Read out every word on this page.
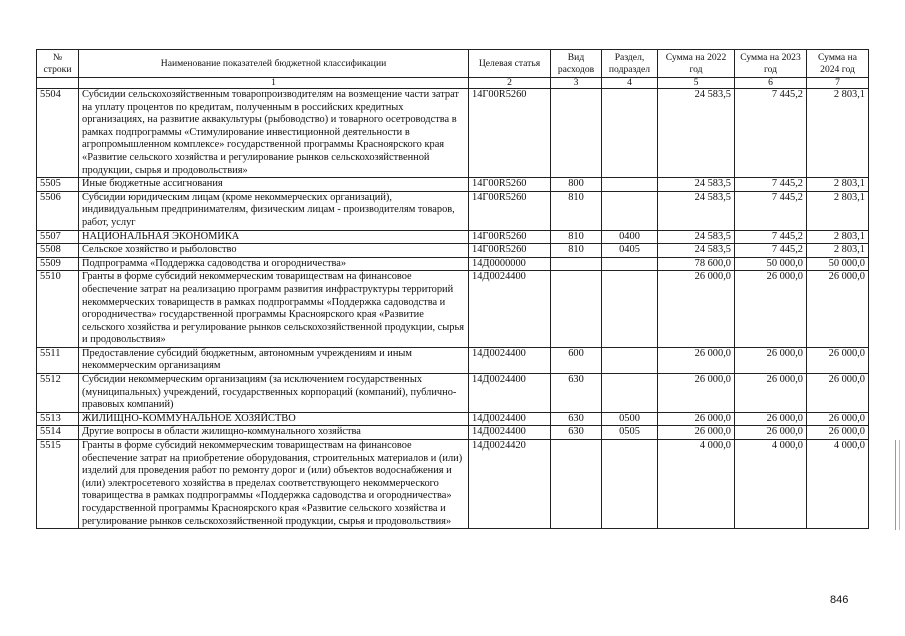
№ строки	Наименование показателей бюджетной классификации	Целевая статья	Вид расходов	Раздел, подраздел	Сумма на 2022 год	Сумма на 2023 год	Сумма на 2024 год
	1	2	3	4	5	6	7
5504	Субсидии сельскохозяйственным товаропроизводителям на возмещение части затрат на уплату процентов по кредитам, полученным в российских кредитных организациях, на развитие аквакультуры (рыбоводство) и товарного осетроводства в рамках подпрограммы «Стимулирование инвестиционной деятельности в агропромышленном комплексе» государственной программы Красноярского края «Развитие сельского хозяйства и регулирование рынков сельскохозяйственной продукции, сырья и продовольствия»	14Г00R5260			24 583,5	7 445,2	2 803,1
5505	Иные бюджетные ассигнования	14Г00R5260	800		24 583,5	7 445,2	2 803,1
5506	Субсидии юридическим лицам (кроме некоммерческих организаций), индивидуальным предпринимателям, физическим лицам - производителям товаров, работ, услуг	14Г00R5260	810		24 583,5	7 445,2	2 803,1
5507	НАЦИОНАЛЬНАЯ ЭКОНОМИКА	14Г00R5260	810	0400	24 583,5	7 445,2	2 803,1
5508	Сельское хозяйство и рыболовство	14Г00R5260	810	0405	24 583,5	7 445,2	2 803,1
5509	Подпрограмма «Поддержка садоводства и огородничества»	14Д0000000			78 600,0	50 000,0	50 000,0
5510	Гранты в форме субсидий некоммерческим товариществам на финансовое обеспечение затрат на реализацию программ развития инфраструктуры территорий некоммерческих товариществ в рамках подпрограммы «Поддержка садоводства и огородничества» государственной программы Красноярского края «Развитие сельского хозяйства и регулирование рынков сельскохозяйственной продукции, сырья и продовольствия»	14Д0024400			26 000,0	26 000,0	26 000,0
5511	Предоставление субсидий бюджетным, автономным учреждениям и иным некоммерческим организациям	14Д0024400	600		26 000,0	26 000,0	26 000,0
5512	Субсидии некоммерческим организациям (за исключением государственных (муниципальных) учреждений, государственных корпораций (компаний), публично-правовых компаний)	14Д0024400	630		26 000,0	26 000,0	26 000,0
5513	ЖИЛИЩНО-КОММУНАЛЬНОЕ ХОЗЯЙСТВО	14Д0024400	630	0500	26 000,0	26 000,0	26 000,0
5514	Другие вопросы в области жилищно-коммунального хозяйства	14Д0024400	630	0505	26 000,0	26 000,0	26 000,0
5515	Гранты в форме субсидий некоммерческим товариществам на финансовое обеспечение затрат на приобретение оборудования, строительных материалов и (или) изделий для проведения работ по ремонту дорог и (или) объектов водоснабжения и (или) электросетевого хозяйства в пределах соответствующего некоммерческого товарищества в рамках подпрограммы «Поддержка садоводства и огородничества» государственной программы Красноярского края «Развитие сельского хозяйства и регулирование рынков сельскохозяйственной продукции, сырья и продовольствия»	14Д0024420			4 000,0	4 000,0	4 000,0
846
